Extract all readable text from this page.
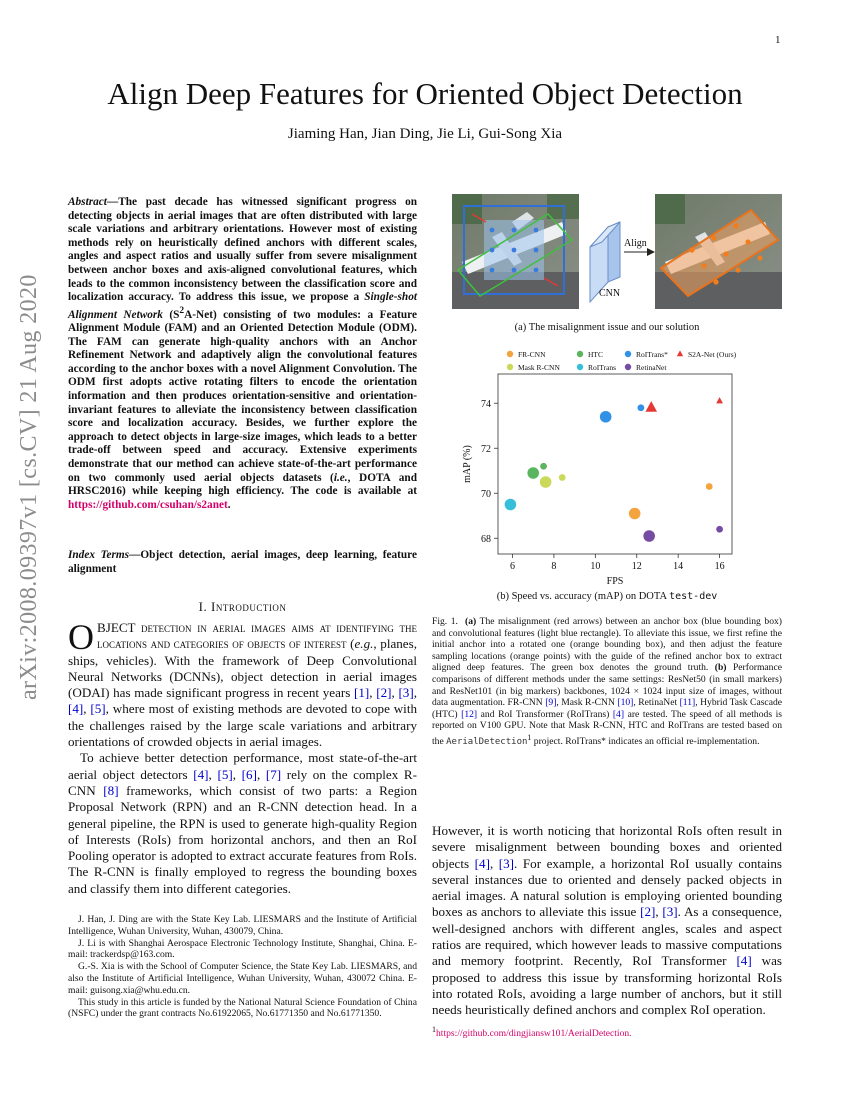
1
arXiv:2008.09397v1 [cs.CV] 21 Aug 2020
Align Deep Features for Oriented Object Detection
Jiaming Han, Jian Ding, Jie Li, Gui-Song Xia
Abstract—The past decade has witnessed significant progress on detecting objects in aerial images that are often distributed with large scale variations and arbitrary orientations. However most of existing methods rely on heuristically defined anchors with different scales, angles and aspect ratios and usually suffer from severe misalignment between anchor boxes and axis-aligned convolutional features, which leads to the common inconsistency between the classification score and localization accuracy. To address this issue, we propose a Single-shot Alignment Network $(S^2A-Net)$ consisting of two modules: a Feature Alignment Module (FAM) and an Oriented Detection Module (ODM). The FAM can generate high-quality anchors with an Anchor Refinement Network and adaptively align the convolutional features according to the anchor boxes with a novel Alignment Convolution. The ODM first adopts active rotating filters to encode the orientation information and then produces orientation-sensitive and orientation-invariant features to alleviate the inconsistency between classification score and localization accuracy. Besides, we further explore the approach to detect objects in large-size images, which leads to a better trade-off between speed and accuracy. Extensive experiments demonstrate that our method can achieve state-of-the-art performance on two commonly used aerial objects datasets (i.e., DOTA and HRSC2016) while keeping high efficiency. The code is available at https://github.com/csuhan/s2anet.
Index Terms—Object detection, aerial images, deep learning, feature alignment
I. Introduction

OBJECT detection in aerial images aims at identifying the locations and categories of objects of interest (e.g., planes, ships, vehicles). With the framework of Deep Convolutional Neural Networks (DCNNs), object detection in aerial images (ODAI) has made significant progress in recent years [1], [2], [3], [4], [5], where most of existing methods are devoted to cope with the challenges raised by the large scale variations and arbitrary orientations of crowded objects in aerial images.

To achieve better detection performance, most state-of-the-art aerial object detectors [4], [5], [6], [7] rely on the complex R-CNN [8] frameworks, which consist of two parts: a Region Proposal Network (RPN) and an R-CNN detection head. In a general pipeline, the RPN is used to generate high-quality Region of Interests (RoIs) from horizontal anchors, and then an RoI Pooling operator is adopted to extract accurate features from RoIs. The R-CNN is finally employed to regress the bounding boxes and classify them into different categories.

J. Han, J. Ding are with the State Key Lab. LIESMARS and the Institute of Artificial Intelligence, Wuhan University, Wuhan, 430079, China.

J. Li is with Shanghai Aerospace Electronic Technology Institute, Shanghai, China. E-mail: trackerdsp@163.com.

G.-S. Xia is with the School of Computer Science, the State Key Lab. LIESMARS, and also the Institute of Artificial Intelligence, Wuhan University, Wuhan, 430072 China. E-mail: guisong.xia@whu.edu.cn.

This study in this article is funded by the National Natural Science Foundation of China (NSFC) under the grant contracts No.61922065, No.61771350 and No.61771350.

Align
CNN
(a) The misalignment issue and our solution
6	8	10	12	14	16
68
70
72
74
FPS
mAP (%)
FR-CNN	HTC	RoITrans*	S2A-Net (Ours)
Mask R-CNN	RoITrans	RetinaNet
(b) Speed vs. accuracy (mAP) on DOTA test-dev
Fig. 1. (a) The misalignment (red arrows) between an anchor box (blue bounding box) and convolutional features (light blue rectangle). To alleviate this issue, we first refine the initial anchor into a rotated one (orange bounding box), and then adjust the feature sampling locations (orange points) with the guide of the refined anchor box to extract aligned deep features. The green box denotes the ground truth. (b) Performance comparisons of different methods under the same settings: ResNet50 (in small markers) and ResNet101 (in big markers) backbones, 1024 × 1024 input size of images, without data augmentation. FR-CNN [9], Mask R-CNN [10], RetinaNet [11], Hybrid Task Cascade (HTC) [12] and RoI Transformer (RoITrans) [4] are tested. The speed of all methods is reported on V100 GPU. Note that Mask R-CNN, HTC and RoITrans are tested based on the AerialDetection$^1$ project. RoITrans* indicates an official re-implementation.

However, it is worth noticing that horizontal RoIs often result in severe misalignment between bounding boxes and oriented objects [4], [3]. For example, a horizontal RoI usually contains several instances due to oriented and densely packed objects in aerial images. A natural solution is employing oriented bounding boxes as anchors to alleviate this issue [2], [3]. As a consequence, well-designed anchors with different angles, scales and aspect ratios are required, which however leads to massive computations and memory footprint. Recently, RoI Transformer [4] was proposed to address this issue by transforming horizontal RoIs into rotated RoIs, avoiding a large number of anchors, but it still needs heuristically defined anchors and complex RoI operation.

$^1$https://github.com/dingjiansw101/AerialDetection.
